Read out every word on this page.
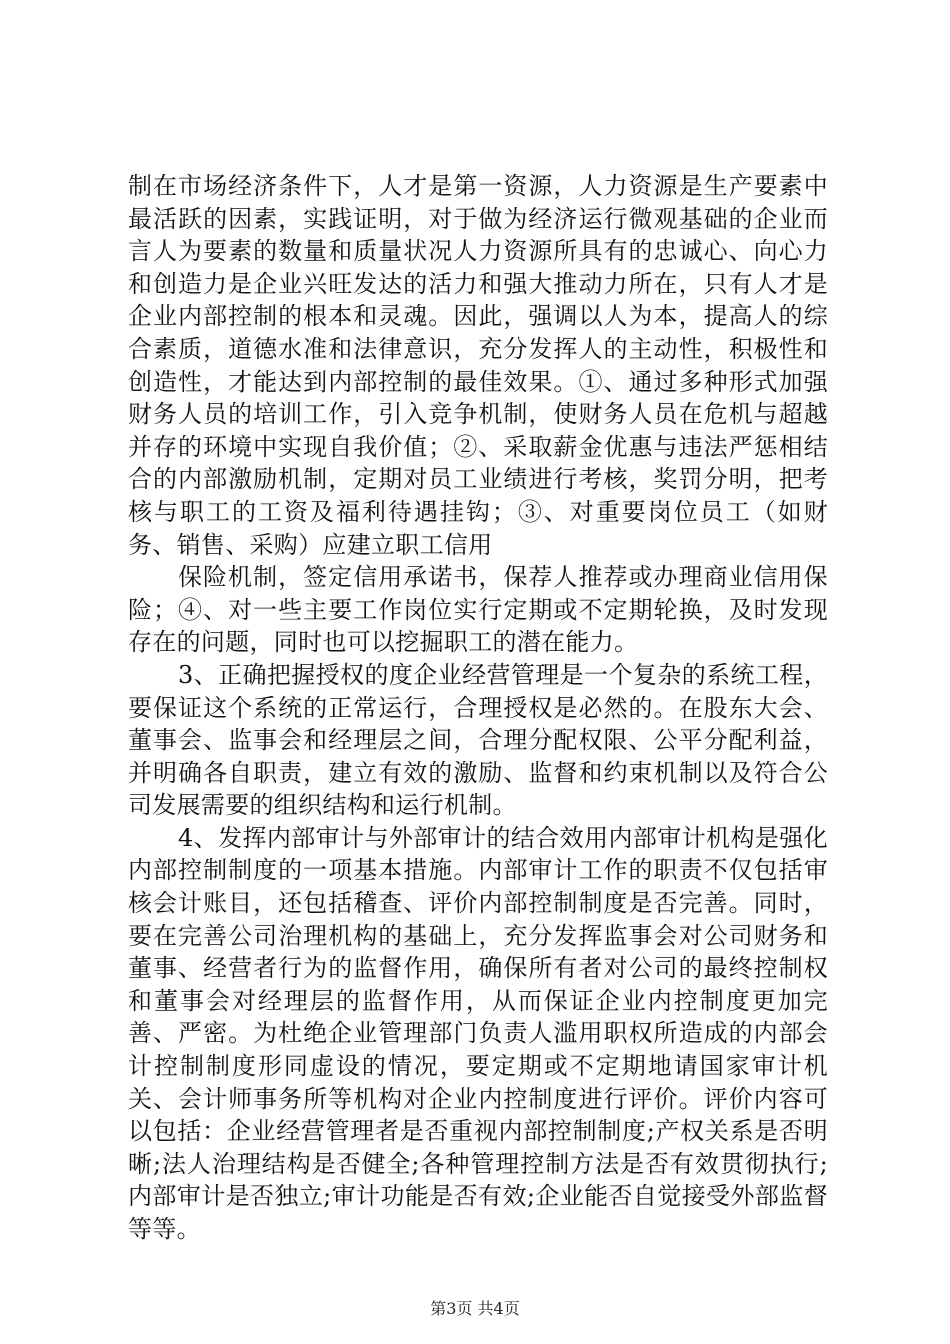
制在市场经济条件下，人才是第一资源，人力资源是生产要素中最活跃的因素，实践证明，对于做为经济运行微观基础的企业而言人为要素的数量和质量状况人力资源所具有的忠诚心、向心力和创造力是企业兴旺发达的活力和强大推动力所在，只有人才是企业内部控制的根本和灵魂。因此，强调以人为本，提高人的综合素质，道德水准和法律意识，充分发挥人的主动性，积极性和创造性，才能达到内部控制的最佳效果。①、通过多种形式加强财务人员的培训工作，引入竞争机制，使财务人员在危机与超越并存的环境中实现自我价值；②、采取薪金优惠与违法严惩相结合的内部激励机制，定期对员工业绩进行考核，奖罚分明，把考核与职工的工资及福利待遇挂钩；③、对重要岗位员工（如财务、销售、采购）应建立职工信用

保险机制，签定信用承诺书，保荐人推荐或办理商业信用保险；④、对一些主要工作岗位实行定期或不定期轮换，及时发现存在的问题，同时也可以挖掘职工的潜在能力。

3、正确把握授权的度企业经营管理是一个复杂的系统工程，要保证这个系统的正常运行，合理授权是必然的。在股东大会、董事会、监事会和经理层之间，合理分配权限、公平分配利益，并明确各自职责，建立有效的激励、监督和约束机制以及符合公司发展需要的组织结构和运行机制。

4、发挥内部审计与外部审计的结合效用内部审计机构是强化内部控制制度的一项基本措施。内部审计工作的职责不仅包括审核会计账目，还包括稽查、评价内部控制制度是否完善。同时，要在完善公司治理机构的基础上，充分发挥监事会对公司财务和董事、经营者行为的监督作用，确保所有者对公司的最终控制权和董事会对经理层的监督作用，从而保证企业内控制度更加完善、严密。为杜绝企业管理部门负责人滥用职权所造成的内部会计控制制度形同虚设的情况，要定期或不定期地请国家审计机关、会计师事务所等机构对企业内控制度进行评价。评价内容可以包括：企业经营管理者是否重视内部控制制度;产权关系是否明晰;法人治理结构是否健全;各种管理控制方法是否有效贯彻执行;内部审计是否独立;审计功能是否有效;企业能否自觉接受外部监督等等。

第3页 共4页
